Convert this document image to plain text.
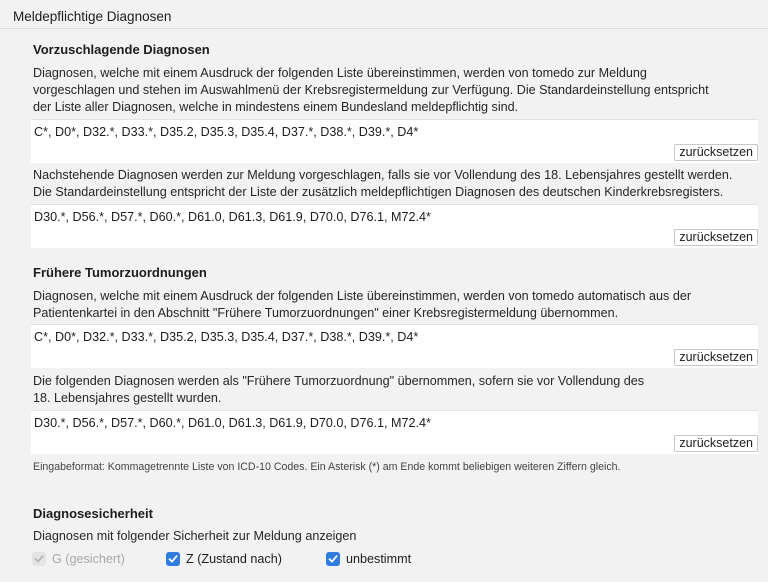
Meldepflichtige Diagnosen
Vorzuschlagende Diagnosen
Diagnosen, welche mit einem Ausdruck der folgenden Liste übereinstimmen, werden von tomedo zur Meldung
vorgeschlagen und stehen im Auswahlmenü der Krebsregistermeldung zur Verfügung. Die Standardeinstellung entspricht
der Liste aller Diagnosen, welche in mindestens einem Bundesland meldepflichtig sind.
C*, D0*, D32.*, D33.*, D35.2, D35.3, D35.4, D37.*, D38.*, D39.*, D4*
zurücksetzen
Nachstehende Diagnosen werden zur Meldung vorgeschlagen, falls sie vor Vollendung des 18. Lebensjahres gestellt werden.
Die Standardeinstellung entspricht der Liste der zusätzlich meldepflichtigen Diagnosen des deutschen Kinderkrebsregisters.
D30.*, D56.*, D57.*, D60.*, D61.0, D61.3, D61.9, D70.0, D76.1, M72.4*
zurücksetzen
Frühere Tumorzuordnungen
Diagnosen, welche mit einem Ausdruck der folgenden Liste übereinstimmen, werden von tomedo automatisch aus der
Patientenkartei in den Abschnitt "Frühere Tumorzuordnungen" einer Krebsregistermeldung übernommen.
C*, D0*, D32.*, D33.*, D35.2, D35.3, D35.4, D37.*, D38.*, D39.*, D4*
zurücksetzen
Die folgenden Diagnosen werden als "Frühere Tumorzuordnung" übernommen, sofern sie vor Vollendung des
18. Lebensjahres gestellt wurden.
D30.*, D56.*, D57.*, D60.*, D61.0, D61.3, D61.9, D70.0, D76.1, M72.4*
zurücksetzen
Eingabeformat: Kommagetrennte Liste von ICD-10 Codes. Ein Asterisk (*) am Ende kommt beliebigen weiteren Ziffern gleich.
Diagnosesicherheit
Diagnosen mit folgender Sicherheit zur Meldung anzeigen
G (gesichert)	Z (Zustand nach)	unbestimmt
